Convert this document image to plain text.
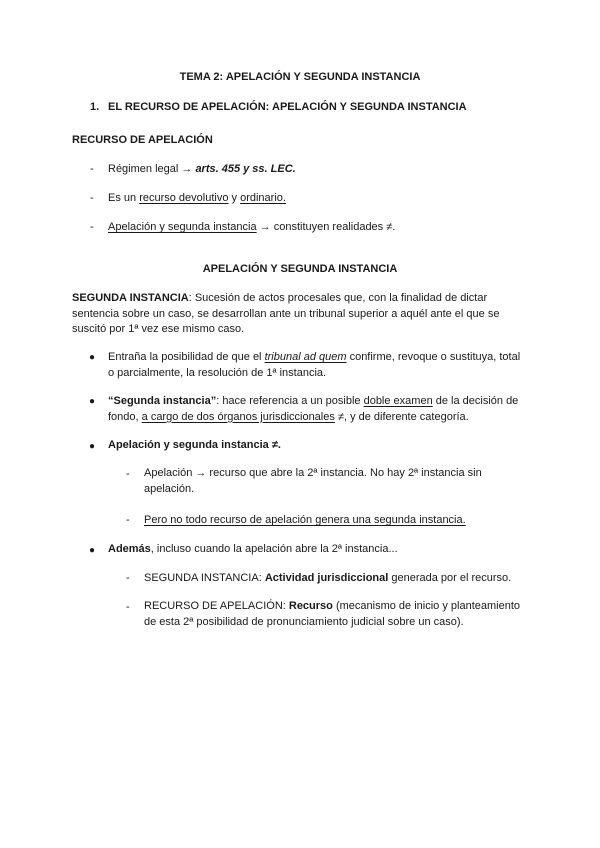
TEMA 2: APELACIÓN Y SEGUNDA INSTANCIA
1. EL RECURSO DE APELACIÓN: APELACIÓN Y SEGUNDA INSTANCIA
RECURSO DE APELACIÓN
- Régimen legal → arts. 455 y ss. LEC.
- Es un recurso devolutivo y ordinario.
- Apelación y segunda instancia → constituyen realidades ≠.
APELACIÓN Y SEGUNDA INSTANCIA
SEGUNDA INSTANCIA: Sucesión de actos procesales que, con la finalidad de dictar
sentencia sobre un caso, se desarrollan ante un tribunal superior a aquél ante el que se
suscitó por 1ª vez ese mismo caso.
● Entraña la posibilidad de que el tribunal ad quem confirme, revoque o sustituya, total
o parcialmente, la resolución de 1ª instancia.
● “Segunda instancia”: hace referencia a un posible doble examen de la decisión de
fondo, a cargo de dos órganos jurisdiccionales ≠, y de diferente categoría.
● Apelación y segunda instancia ≠.
- Apelación → recurso que abre la 2ª instancia. No hay 2ª instancia sin
apelación.
- Pero no todo recurso de apelación genera una segunda instancia.
● Además, incluso cuando la apelación abre la 2ª instancia...
- SEGUNDA INSTANCIA: Actividad jurisdiccional generada por el recurso.
- RECURSO DE APELACIÓN: Recurso (mecanismo de inicio y planteamiento
de esta 2ª posibilidad de pronunciamiento judicial sobre un caso).
